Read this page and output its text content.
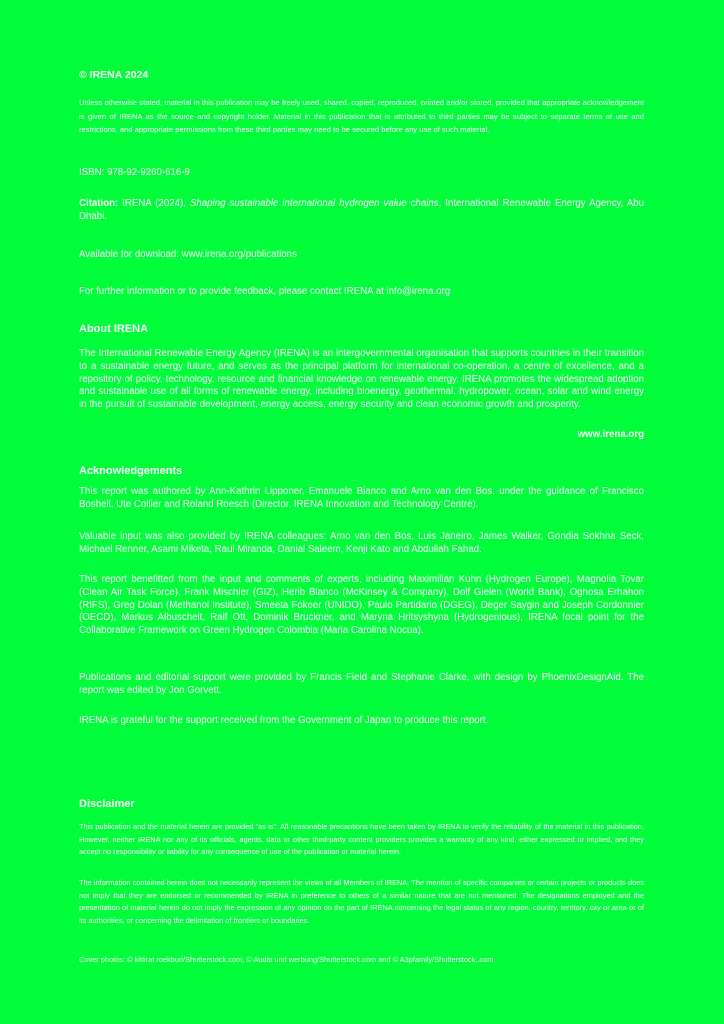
© IRENA 2024

Unless otherwise stated, material in this publication may be freely used, shared, copied, reproduced, printed and/or stored, provided that appropriate acknowledgement is given of IRENA as the source and copyright holder. Material in this publication that is attributed to third parties may be subject to separate terms of use and restrictions, and appropriate permissions from these third parties may need to be secured before any use of such material.

ISBN: 978-92-9260-616-9

Citation: IRENA (2024), Shaping sustainable international hydrogen value chains, International Renewable Energy Agency, Abu Dhabi.

Available for download: www.irena.org/publications

For further information or to provide feedback, please contact IRENA at info@irena.org

About IRENA

The International Renewable Energy Agency (IRENA) is an intergovernmental organisation that supports countries in their transition to a sustainable energy future, and serves as the principal platform for international co-operation, a centre of excellence, and a repository of policy, technology, resource and financial knowledge on renewable energy. IRENA promotes the widespread adoption and sustainable use of all forms of renewable energy, including bioenergy, geothermal, hydropower, ocean, solar and wind energy in the pursuit of sustainable development, energy access, energy security and clean economic growth and prosperity.

www.irena.org

Acknowledgements

This report was authored by Ann-Kathrin Lipponer, Emanuele Bianco and Arno van den Bos, under the guidance of Francisco Boshell, Ute Collier and Roland Roesch (Director, IRENA Innovation and Technology Centre).

Valuable input was also provided by IRENA colleagues: Arno van den Bos, Luis Janeiro, James Walker, Gondia Sokhna Seck, Michael Renner, Asami Miketa, Raul Miranda, Danial Saleem, Kenji Kato and Abdullah Fahad.

This report benefitted from the input and comments of experts, including Maximilian Kuhn (Hydrogen Europe), Magnolia Tovar (Clean Air Task Force), Frank Mischler (GIZ), Herib Blanco (McKinsey & Company), Dolf Gielen (World Bank), Oghosa Erhahon (RIFS), Greg Dolan (Methanol Institute), Smeeta Fokeer (UNIDO), Paulo Partidario (DGEG), Deger Saygin and Joseph Cordonnier (OECD), Markus Albuscheit, Ralf Ott, Dominik Bruckner, and Maryna Hritsyshyna (Hydrogenious), IRENA focal point for the Collaborative Framework on Green Hydrogen Colombia (Maria Carolina Nocua).

Publications and editorial support were provided by Francis Field and Stephanie Clarke, with design by PhoenixDesignAid. The report was edited by Jon Gorvett.

IRENA is grateful for the support received from the Government of Japan to produce this report.

Disclaimer

This publication and the material herein are provided “as is”. All reasonable precautions have been taken by IRENA to verify the reliability of the material in this publication. However, neither IRENA nor any of its officials, agents, data or other third-party content providers provides a warranty of any kind, either expressed or implied, and they accept no responsibility or liability for any consequence of use of the publication or material herein.

The information contained herein does not necessarily represent the views of all Members of IRENA. The mention of specific companies or certain projects or products does not imply that they are endorsed or recommended by IRENA in preference to others of a similar nature that are not mentioned. The designations employed and the presentation of material herein do not imply the expression of any opinion on the part of IRENA concerning the legal status of any region, country, territory, city or area or of its authorities, or concerning the delimitation of frontiers or boundaries.

Cover photos: © kittirat roekburi/Shutterstock.com, © Audio und werbung/Shutterstock.com and © A3pfamily/Shutterstock..com
